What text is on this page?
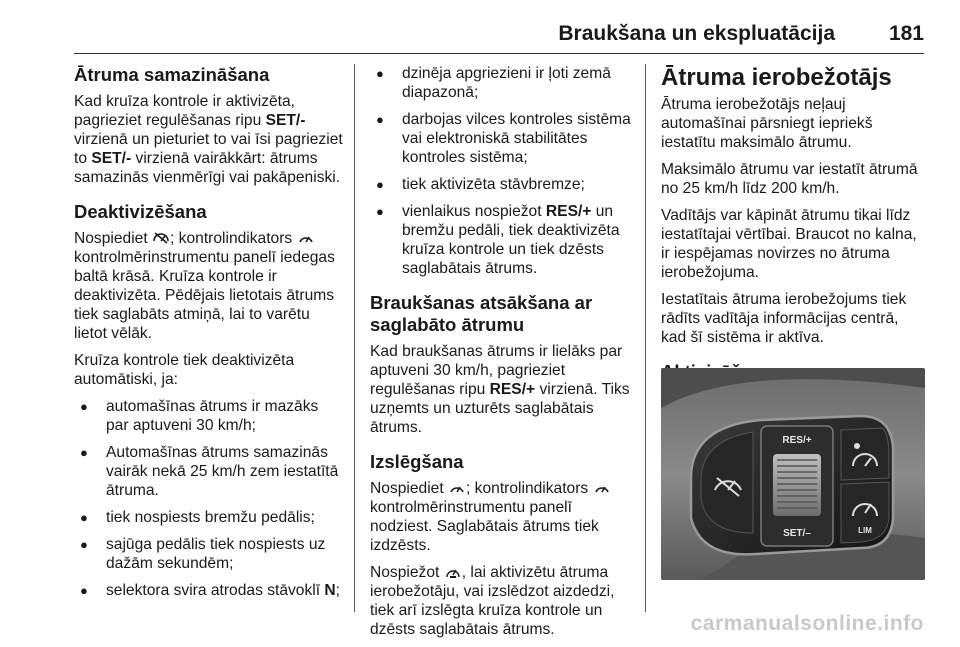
Braukšana un ekspluatācija	181
Ātruma samazināšana

Kad kruīza kontrole ir aktivizēta, pagrieziet regulēšanas ripu SET/- virzienā un pieturiet to vai īsi pagrieziet to SET/- virzienā vairākkārt: ātrums samazinās vienmērīgi vai pakāpeniski.

Deaktivizēšana

Nospiediet ; kontrolindikators  kontrolmērinstrumentu panelī iedegas baltā krāsā. Kruīza kontrole ir deaktivizēta. Pēdējais lietotais ātrums tiek saglabāts atmiņā, lai to varētu lietot vēlāk.

Kruīza kontrole tiek deaktivizēta automātiski, ja:

● automašīnas ātrums ir mazāks par aptuveni 30 km/h;
● Automašīnas ātrums samazinās vairāk nekā 25 km/h zem iestatītā ātruma.
● tiek nospiests bremžu pedālis;
● sajūga pedālis tiek nospiests uz dažām sekundēm;
● selektora svira atrodas stāvoklī N;
● dzinēja apgriezieni ir ļoti zemā diapazonā;
● darbojas vilces kontroles sistēma vai elektroniskā stabilitātes kontroles sistēma;
● tiek aktivizēta stāvbremze;
● vienlaikus nospiežot RES/+ un bremžu pedāli, tiek deaktivizēta kruīza kontrole un tiek dzēsts saglabātais ātrums.
Braukšanas atsākšana ar saglabāto ātrumu

Kad braukšanas ātrums ir lielāks par aptuveni 30 km/h, pagrieziet regulēšanas ripu RES/+ virzienā. Tiks uzņemts un uzturēts saglabātais ātrums.

Izslēgšana

Nospiediet ; kontrolindikators  kontrolmērinstrumentu panelī nodziest. Saglabātais ātrums tiek izdzēsts.

Nospiežot , lai aktivizētu ātruma ierobežotāju, vai izslēdzot aizdedzi, tiek arī izslēgta kruīza kontrole un dzēsts saglabātais ātrums.

Ātruma ierobežotājs

Ātruma ierobežotājs neļauj automašīnai pārsniegt iepriekš iestatītu maksimālo ātrumu.

Maksimālo ātrumu var iestatīt ātrumā no 25 km/h līdz 200 km/h.

Vadītājs var kāpināt ātrumu tikai līdz iestatītajai vērtībai. Braucot no kalna, ir iespējamas novirzes no ātruma ierobežojuma.

Iestatītais ātruma ierobežojums tiek rādīts vadītāja informācijas centrā, kad šī sistēma ir aktīva.

RES/+
SET/–	LIM
carmanualsonline.info
